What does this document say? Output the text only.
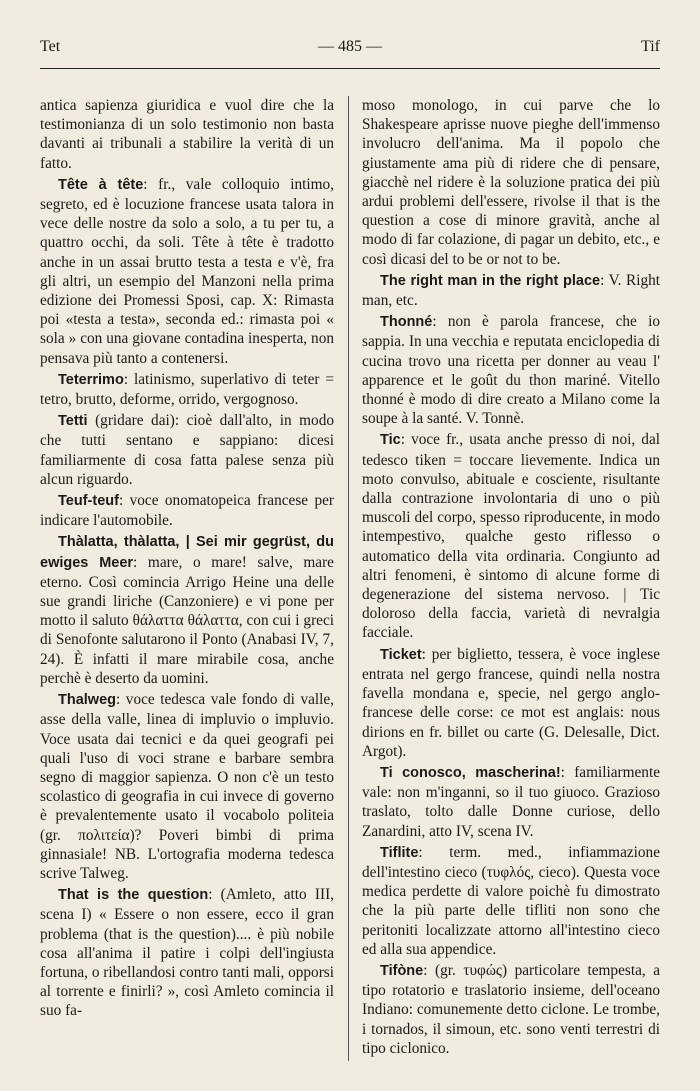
Tet	— 485 —	Tif

antica sapienza giuridica e vuol dire che la testimonianza di un solo testimonio non basta davanti ai tribunali a stabilire la verità di un fatto.

Tête à tête: fr., vale colloquio intimo, segreto, ed è locuzione francese usata talora in vece delle nostre da solo a solo, a tu per tu, a quattro occhi, da soli. Tête à tête è tradotto anche in un assai brutto testa a testa e v'è, fra gli altri, un esempio del Manzoni nella prima edizione dei Promessi Sposi, cap. X: Rimasta poi «testa a testa», seconda ed.: rimasta poi « sola » con una giovane contadina inesperta, non pensava più tanto a contenersi.

Teterrimo: latinismo, superlativo di teter = tetro, brutto, deforme, orrido, vergognoso.

Tetti (gridare dai): cioè dall'alto, in modo che tutti sentano e sappiano: dicesi familiarmente di cosa fatta palese senza più alcun riguardo.

Teuf-teuf: voce onomatopeica francese per indicare l'automobile.

Thàlatta, thàlatta, | Sei mir gegrüst, du ewiges Meer: mare, o mare! salve, mare eterno. Così comincia Arrigo Heine una delle sue grandi liriche (Canzoniere) e vi pone per motto il saluto θάλαττα θάλαττα, con cui i greci di Senofonte salutarono il Ponto (Anabasi IV, 7, 24). È infatti il mare mirabile cosa, anche perchè è deserto da uomini.

Thalweg: voce tedesca vale fondo di valle, asse della valle, linea di impluvio o impluvio. Voce usata dai tecnici e da quei geografi pei quali l'uso di voci strane e barbare sembra segno di maggior sapienza. O non c'è un testo scolastico di geografia in cui invece di governo è prevalentemente usato il vocabolo politeia (gr. πολιτεία)? Poveri bimbi di prima ginnasiale! NB. L'ortografia moderna tedesca scrive Talweg.

That is the question: (Amleto, atto III, scena I) « Essere o non essere, ecco il gran problema (that is the question).... è più nobile cosa all'anima il patire i colpi dell'ingiusta fortuna, o ribellandosi contro tanti mali, opporsi al torrente e finirli? », così Amleto comincia il suo fa-

moso monologo, in cui parve che lo Shakespeare aprisse nuove pieghe dell'immenso involucro dell'anima. Ma il popolo che giustamente ama più di ridere che di pensare, giacchè nel ridere è la soluzione pratica dei più ardui problemi dell'essere, rivolse il that is the question a cose di minore gravità, anche al modo di far colazione, di pagar un debito, etc., e così dicasi del to be or not to be.

The right man in the right place: V. Right man, etc.

Thonné: non è parola francese, che io sappia. In una vecchia e reputata enciclopedia di cucina trovo una ricetta per donner au veau l' apparence et le goût du thon mariné. Vitello thonné è modo di dire creato a Milano come la soupe à la santé. V. Tonnè.

Tic: voce fr., usata anche presso di noi, dal tedesco tiken = toccare lievemente. Indica un moto convulso, abituale e cosciente, risultante dalla contrazione involontaria di uno o più muscoli del corpo, spesso riproducente, in modo intempestivo, qualche gesto riflesso o automatico della vita ordinaria. Congiunto ad altri fenomeni, è sintomo di alcune forme di degenerazione del sistema nervoso. | Tic doloroso della faccia, varietà di nevralgia facciale.

Ticket: per biglietto, tessera, è voce inglese entrata nel gergo francese, quindi nella nostra favella mondana e, specie, nel gergo anglo-francese delle corse: ce mot est anglais: nous dirions en fr. billet ou carte (G. Delesalle, Dict. Argot).

Ti conosco, mascherina!: familiarmente vale: non m'inganni, so il tuo giuoco. Grazioso traslato, tolto dalle Donne curiose, dello Zanardini, atto IV, scena IV.

Tiflite: term. med., infiammazione dell'intestino cieco (τυφλός, cieco). Questa voce medica perdette di valore poichè fu dimostrato che la più parte delle tifliti non sono che peritoniti localizzate attorno all'intestino cieco ed alla sua appendice.

Tifòne: (gr. τυφώς) particolare tempesta, a tipo rotatorio e traslatorio insieme, dell'oceano Indiano: comunemente detto ciclone. Le trombe, i tornados, il simoun, etc. sono venti terrestri di tipo ciclonico.
